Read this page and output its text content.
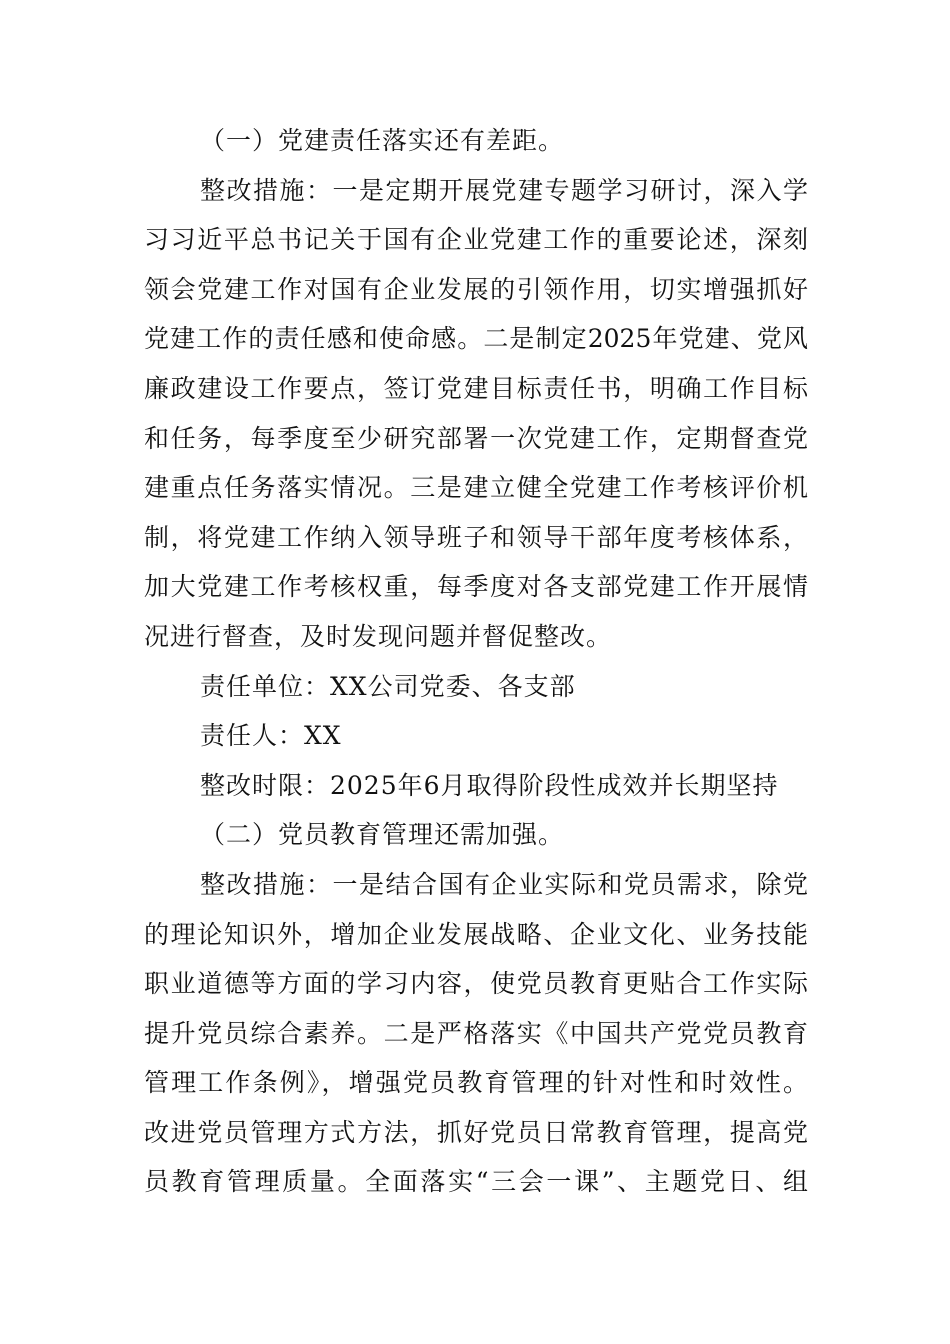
（一）党建责任落实还有差距。
整改措施：一是定期开展党建专题学习研讨，深入学
习习近平总书记关于国有企业党建工作的重要论述，深刻
领会党建工作对国有企业发展的引领作用，切实增强抓好
党建工作的责任感和使命感。二是制定2025年党建、党风
廉政建设工作要点，签订党建目标责任书，明确工作目标
和任务，每季度至少研究部署一次党建工作，定期督查党
建重点任务落实情况。三是建立健全党建工作考核评价机
制，将党建工作纳入领导班子和领导干部年度考核体系，
加大党建工作考核权重，每季度对各支部党建工作开展情
况进行督查，及时发现问题并督促整改。
责任单位：XX公司党委、各支部
责任人：XX
整改时限：2025年6月取得阶段性成效并长期坚持
（二）党员教育管理还需加强。
整改措施：一是结合国有企业实际和党员需求，除党
的理论知识外，增加企业发展战略、企业文化、业务技能
职业道德等方面的学习内容，使党员教育更贴合工作实际
提升党员综合素养。二是严格落实《中国共产党党员教育
管理工作条例》，增强党员教育管理的针对性和时效性。
改进党员管理方式方法，抓好党员日常教育管理，提高党
员教育管理质量。全面落实“三会一课”、主题党日、组
